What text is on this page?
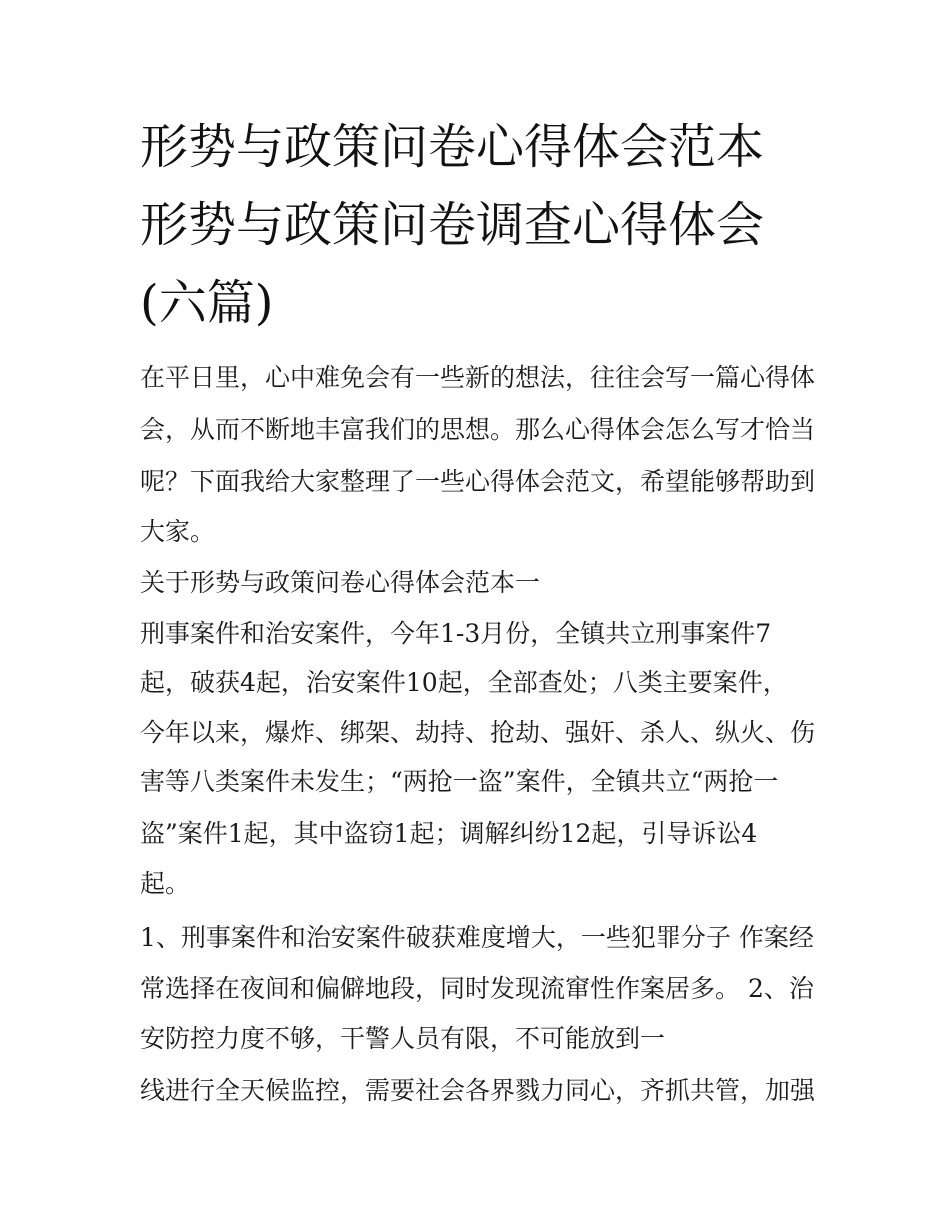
形势与政策问卷心得体会范本
形势与政策问卷调查心得体会
(六篇)
在平日里，心中难免会有一些新的想法，往往会写一篇心得体
会，从而不断地丰富我们的思想。那么心得体会怎么写才恰当
呢？下面我给大家整理了一些心得体会范文，希望能够帮助到
大家。
关于形势与政策问卷心得体会范本一
刑事案件和治安案件，今年1-3月份，全镇共立刑事案件7
起，破获4起，治安案件10起，全部查处；八类主要案件，
今年以来，爆炸、绑架、劫持、抢劫、强奸、杀人、纵火、伤
害等八类案件未发生；“两抢一盗”案件，全镇共立“两抢一
盗”案件1起，其中盗窃1起；调解纠纷12起，引导诉讼4
起。
1、刑事案件和治安案件破获难度增大，一些犯罪分子 作案经
常选择在夜间和偏僻地段，同时发现流窜性作案居多。 2、治
安防控力度不够，干警人员有限，不可能放到一
线进行全天候监控，需要社会各界戮力同心，齐抓共管，加强
